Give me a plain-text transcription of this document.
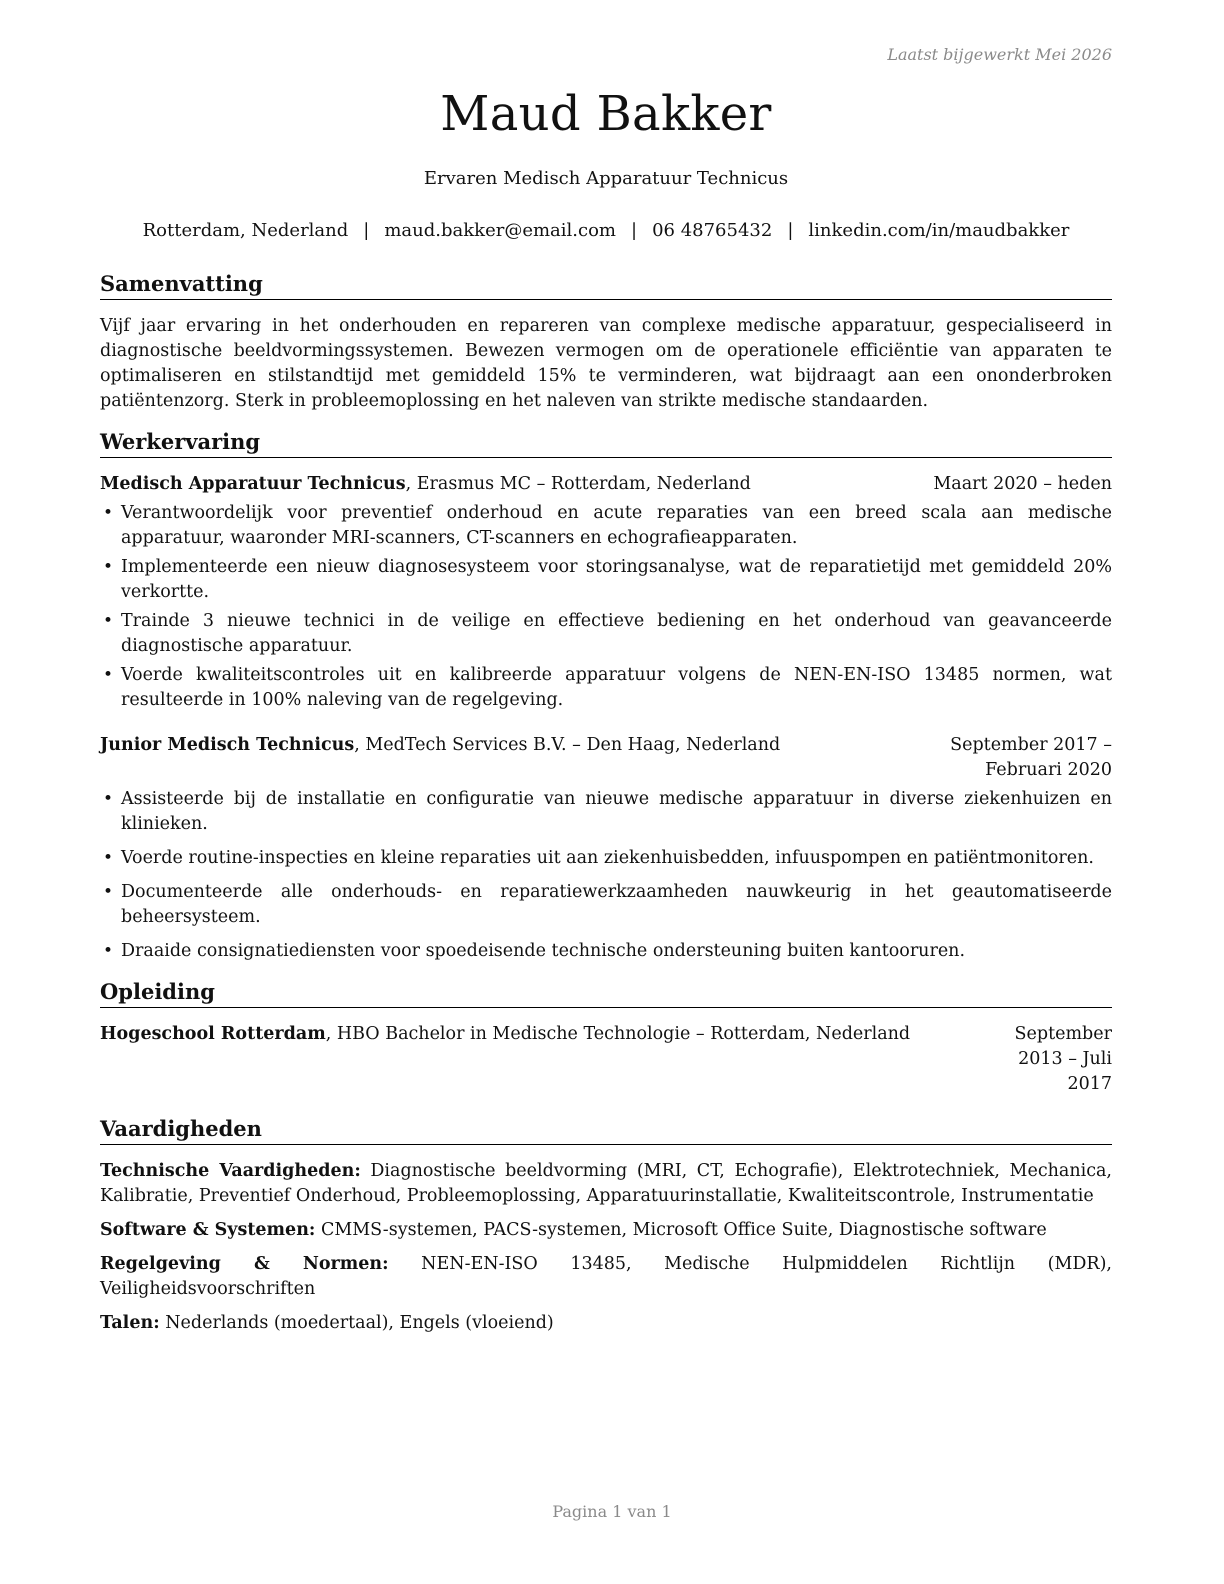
Laatst bijgewerkt Mei 2026
Maud Bakker
Ervaren Medisch Apparatuur Technicus
Rotterdam, Nederland | maud.bakker@email.com | 06 48765432 | linkedin.com/in/maudbakker
Samenvatting

Vijf jaar ervaring in het onderhouden en repareren van complexe medische apparatuur, gespecialiseerd in diagnostische beeldvormingssystemen. Bewezen vermogen om de operationele efficiëntie van apparaten te optimaliseren en stilstandtijd met gemiddeld 15% te verminderen, wat bijdraagt aan een ononderbroken patiëntenzorg. Sterk in probleemoplossing en het naleven van strikte medische standaarden.

Werkervaring
Medisch Apparatuur Technicus, Erasmus MC – Rotterdam, Nederland	Maart 2020 – heden
• Verantwoordelijk voor preventief onderhoud en acute reparaties van een breed scala aan medische apparatuur, waaronder MRI-scanners, CT-scanners en echografieapparaten.
• Implementeerde een nieuw diagnosesysteem voor storingsanalyse, wat de reparatietijd met gemiddeld 20% verkortte.
• Trainde 3 nieuwe technici in de veilige en effectieve bediening en het onderhoud van geavanceerde diagnostische apparatuur.
• Voerde kwaliteitscontroles uit en kalibreerde apparatuur volgens de NEN-EN-ISO 13485 normen, wat resulteerde in 100% naleving van de regelgeving.
Junior Medisch Technicus, MedTech Services B.V. – Den Haag, Nederland	September 2017 – Februari 2020
• Assisteerde bij de installatie en configuratie van nieuwe medische apparatuur in diverse ziekenhuizen en klinieken.
• Voerde routine-inspecties en kleine reparaties uit aan ziekenhuisbedden, infuuspompen en patiëntmonitoren.
• Documenteerde alle onderhouds- en reparatiewerkzaamheden nauwkeurig in het geautomatiseerde beheersysteem.
• Draaide consignatiediensten voor spoedeisende technische ondersteuning buiten kantooruren.
Opleiding
Hogeschool Rotterdam, HBO Bachelor in Medische Technologie – Rotterdam, Nederland	September 2013 – Juli 2017
Vaardigheden
Technische Vaardigheden: Diagnostische beeldvorming (MRI, CT, Echografie), Elektrotechniek, Mechanica, Kalibratie, Preventief Onderhoud, Probleemoplossing, Apparatuurinstallatie, Kwaliteitscontrole, Instrumentatie
Software & Systemen: CMMS-systemen, PACS-systemen, Microsoft Office Suite, Diagnostische software
Regelgeving & Normen: NEN-EN-ISO 13485, Medische Hulpmiddelen Richtlijn (MDR), Veiligheidsvoorschriften
Talen: Nederlands (moedertaal), Engels (vloeiend)
Pagina 1 van 1
